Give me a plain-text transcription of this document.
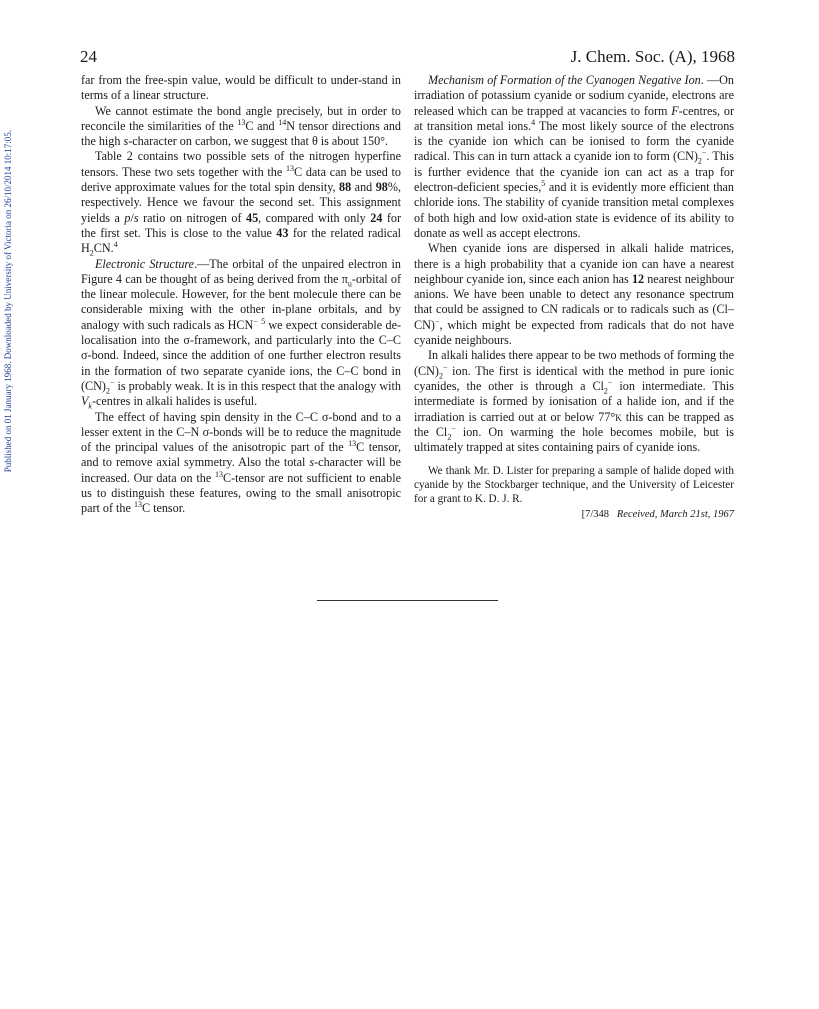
24	J. Chem. Soc. (A), 1968
Published on 01 January 1968. Downloaded by University of Victoria on 26/10/2014 10:17:05.

far from the free-spin value, would be difficult to under-stand in terms of a linear structure.

We cannot estimate the bond angle precisely, but in order to reconcile the similarities of the $^{13}$C and $^{14}$N tensor directions and the high s-character on carbon, we suggest that θ is about 150°.

Table 2 contains two possible sets of the nitrogen hyperfine tensors. These two sets together with the $^{13}$C data can be used to derive approximate values for the total spin density, 88 and 98%, respectively. Hence we favour the second set. This assignment yields a p/s ratio on nitrogen of 45, compared with only 24 for the first set. This is close to the value 43 for the related radical $H_2CN.^4$

Electronic Structure.—The orbital of the unpaired electron in Figure 4 can be thought of as being derived from the $\pi_u$-orbital of the linear molecule. However, for the bent molecule there can be considerable mixing with the other in-plane orbitals, and by analogy with such radicals as HCN− $^5$ we expect considerable de-localisation into the σ-framework, and particularly into the C–C σ-bond. Indeed, since the addition of one further electron results in the formation of two separate cyanide ions, the C–C bond in $(CN)_2^-$ is probably weak. It is in this respect that the analogy with $V_k$-centres in alkali halides is useful.

The effect of having spin density in the C–C σ-bond and to a lesser extent in the C–N σ-bonds will be to reduce the magnitude of the principal values of the anisotropic part of the $^{13}$C tensor, and to remove axial symmetry. Also the total s-character will be increased. Our data on the $^{13}$C-tensor are not sufficient to enable us to distinguish these features, owing to the small anisotropic part of the $^{13}$C tensor.

Mechanism of Formation of the Cyanogen Negative Ion. —On irradiation of potassium cyanide or sodium cyanide, electrons are released which can be trapped at vacancies to form F-centres, or at transition metal ions.$^4$ The most likely source of the electrons is the cyanide ion which can be ionised to form the cyanide radical. This can in turn attack a cyanide ion to form $(CN)_2^-$. This is further evidence that the cyanide ion can act as a trap for electron-deficient species,$^5$ and it is evidently more efficient than chloride ions. The stability of cyanide transition metal complexes of both high and low oxid-ation state is evidence of its ability to donate as well as accept electrons.

When cyanide ions are dispersed in alkali halide matrices, there is a high probability that a cyanide ion can have a nearest neighbour cyanide ion, since each anion has 12 nearest neighbour anions. We have been unable to detect any resonance spectrum that could be assigned to CN radicals or to radicals such as (Cl–CN)−, which might be expected from radicals that do not have cyanide neighbours.

In alkali halides there appear to be two methods of forming the $(CN)_2^-$ ion. The first is identical with the method in pure ionic cyanides, the other is through a $Cl_2^-$ ion intermediate. This intermediate is formed by ionisation of a halide ion, and if the irradiation is carried out at or below 77°k this can be trapped as the $Cl_2^-$ ion. On warming the hole becomes mobile, but is ultimately trapped at sites containing pairs of cyanide ions.

We thank Mr. D. Lister for preparing a sample of halide doped with cyanide by the Stockbarger technique, and the University of Leicester for a grant to K. D. J. R.

[7/348 Received, March 21st, 1967
